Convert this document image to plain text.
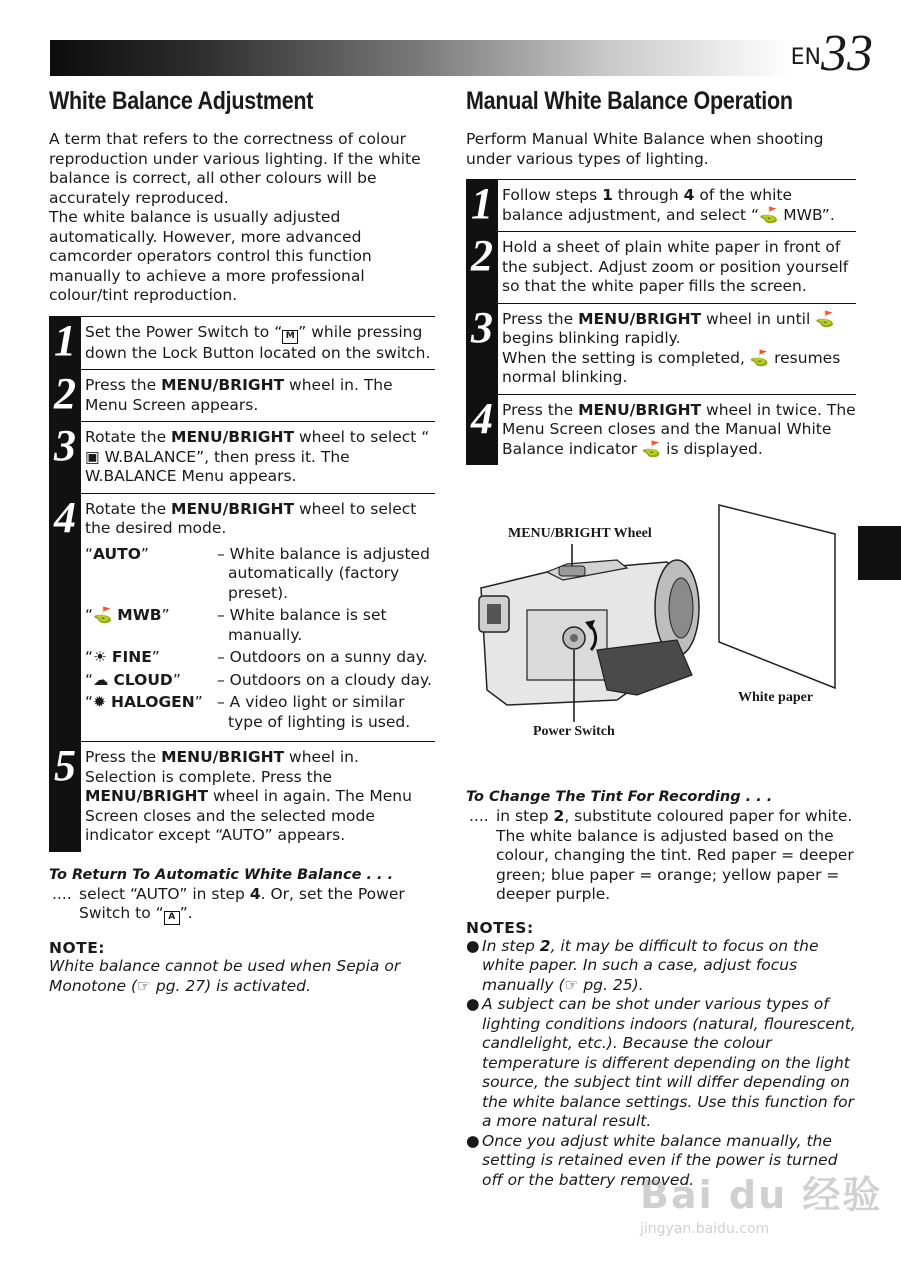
EN33
White Balance Adjustment

A term that refers to the correctness of colour reproduction under various lighting. If the white balance is correct, all other colours will be accurately reproduced.

The white balance is usually adjusted automatically. However, more advanced camcorder operators control this function manually to achieve a more professional colour/tint reproduction.

1 Set the Power Switch to “ M ” while pressing down the Lock Button located on the switch.
2 Press the MENU/BRIGHT wheel in. The Menu Screen appears.
3 Rotate the MENU/BRIGHT wheel to select “▣ W.BALANCE”, then press it. The W.BALANCE Menu appears.
4 Rotate the MENU/BRIGHT wheel to select the desired mode.
“AUTO”	– White balance is adjusted automatically (factory preset).
“⛳ MWB”	– White balance is set manually.
“☀ FINE”	– Outdoors on a sunny day.
“☁ CLOUD”	– Outdoors on a cloudy day.
“✹ HALOGEN” – A video light or similar type of lighting is used.
5 Press the MENU/BRIGHT wheel in. Selection is complete. Press the MENU/BRIGHT wheel in again. The Menu Screen closes and the selected mode indicator except “AUTO” appears.
To Return To Automatic White Balance . . .
.... select “AUTO” in step 4. Or, set the Power Switch to “ A ”.
NOTE:
White balance cannot be used when Sepia or Monotone (☞ pg. 27) is activated.
Manual White Balance Operation

Perform Manual White Balance when shooting under various types of lighting.

1 Follow steps 1 through 4 of the white balance adjustment, and select “⛳ MWB”.
2 Hold a sheet of plain white paper in front of the subject. Adjust zoom or position yourself so that the white paper fills the screen.
3 Press the MENU/BRIGHT wheel in until ⛳ begins blinking rapidly.
When the setting is completed, ⛳ resumes normal blinking.
4 Press the MENU/BRIGHT wheel in twice. The Menu Screen closes and the Manual White Balance indicator ⛳ is displayed.
MENU/BRIGHT Wheel
White paper
Power Switch
To Change The Tint For Recording . . .
.... in step 2, substitute coloured paper for white. The white balance is adjusted based on the colour, changing the tint. Red paper = deeper green; blue paper = orange; yellow paper = deeper purple.
NOTES:
● In step 2, it may be difficult to focus on the white paper. In such a case, adjust focus manually (☞ pg. 25).
● A subject can be shot under various types of lighting conditions indoors (natural, flourescent, candlelight, etc.). Because the colour temperature is different depending on the light source, the subject tint will differ depending on the white balance settings. Use this function for a more natural result.
● Once you adjust white balance manually, the setting is retained even if the power is turned off or the battery removed.
Bai du 经验
jingyan.baidu.com
